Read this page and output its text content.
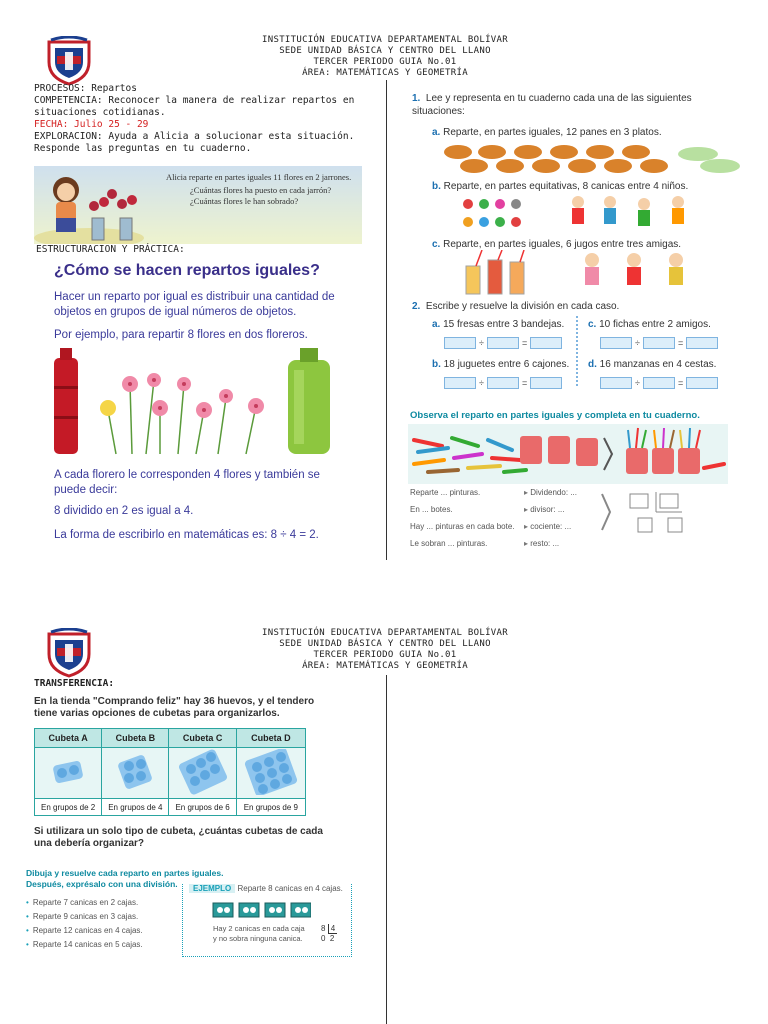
INSTITUCIÓN EDUCATIVA DEPARTAMENTAL BOLÍVAR
SEDE UNIDAD BÁSICA Y CENTRO DEL LLANO
TERCER PERIODO GUIA No.01
ÁREA: MATEMÁTICAS Y GEOMETRÍA
PROCESOS: Repartos
COMPETENCIA: Reconocer la manera de realizar repartos en situaciones cotidianas.
FECHA: Julio 25 - 29
EXPLORACION: Ayuda a Alicia a solucionar esta situación. Responde las preguntas en tu cuaderno.
Alicia reparte en partes iguales 11 flores en 2 jarrones.
¿Cuántas flores ha puesto en cada jarrón?
¿Cuántas flores le han sobrado?
ESTRUCTURACION Y PRÁCTICA:
¿Cómo se hacen repartos iguales?
Hacer un reparto por igual es distribuir una cantidad de objetos en grupos de igual números de objetos.
Por ejemplo, para repartir 8 flores en dos floreros.
A cada florero le corresponden 4 flores y también se puede decir:
8 dividido en 2 es igual a 4.
La forma de escribirlo en matemáticas es: 8 ÷ 4 = 2.
1. Lee y representa en tu cuaderno cada una de las siguientes situaciones:
a. Reparte, en partes iguales, 12 panes en 3 platos.
b. Reparte, en partes equitativas, 8 canicas entre 4 niños.
c. Reparte, en partes iguales, 6 jugos entre tres amigas.
2. Escribe y resuelve la división en cada caso.
a. 15 fresas entre 3 bandejas.
÷	=
c. 10 fichas entre 2 amigos.
÷	=
b. 18 juguetes entre 6 cajones.
÷	=
d. 16 manzanas en 4 cestas.
÷	=
Observa el reparto en partes iguales y completa en tu cuaderno.
Reparte ... pinturas.
En ... botes.
Hay ... pinturas en cada bote.
Le sobran ... pinturas.
▸ Dividendo: ...
▸ divisor: ...
▸ cociente: ...
▸ resto: ...
INSTITUCIÓN EDUCATIVA DEPARTAMENTAL BOLÍVAR
SEDE UNIDAD BÁSICA Y CENTRO DEL LLANO
TERCER PERIODO GUIA No.01
ÁREA: MATEMÁTICAS Y GEOMETRÍA
TRANSFERENCIA:
En la tienda "Comprando feliz" hay 36 huevos, y el tendero tiene varias opciones de cubetas para organizarlos.
Cubeta A	Cubeta B	Cubeta C	Cubeta D

En grupos de 2	En grupos de 4	En grupos de 6	En grupos de 9
Si utilizara un solo tipo de cubeta, ¿cuántas cubetas de cada una debería organizar?
Dibuja y resuelve cada reparto en partes iguales.
Después, exprésalo con una división.
• Reparte 7 canicas en 2 cajas.
• Reparte 9 canicas en 3 cajas.
• Reparte 12 canicas en 4 cajas.
• Reparte 14 canicas en 5 cajas.
EJEMPLO Reparte 8 canicas en 4 cajas.
Hay 2 canicas en cada caja
y no sobra ninguna canica.
8 4
0 2
